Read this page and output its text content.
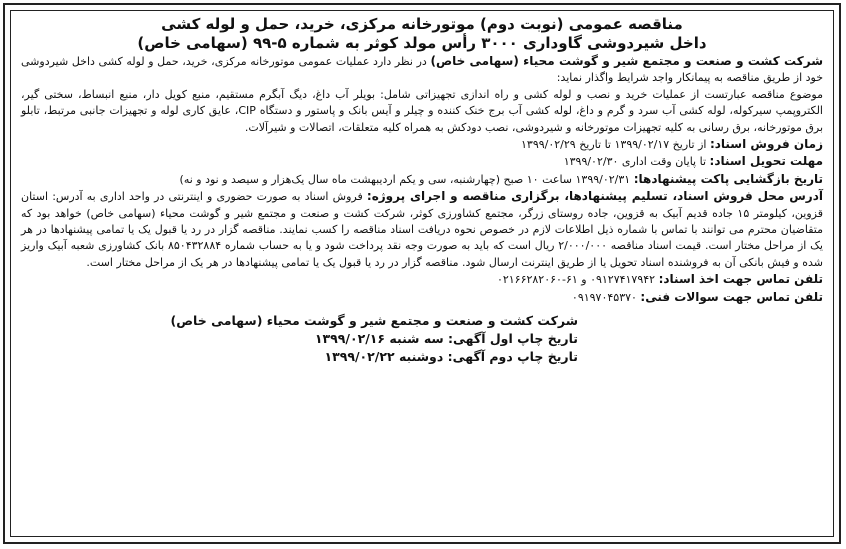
مناقصه عمومی (نوبت دوم) موتورخانه مرکزی، خرید، حمل و لوله کشی

داخل شیردوشی گاوداری ۳۰۰۰ رأس مولد کوثر به شماره ۵-۹۹ (سهامی خاص)

شرکت کشت و صنعت و مجتمع شیر و گوشت محیاء (سهامی خاص) در نظر دارد عملیات عمومی موتورخانه مرکزی، خرید، حمل و لوله کشی داخل شیردوشی خود از طریق مناقصه به پیمانکار واجد شرایط واگذار نماید:

موضوع مناقصه عبارتست از عملیات خرید و نصب و لوله کشی و راه اندازی تجهیزاتی شامل: بویلر آب داغ، دیگ آبگرم مستقیم، منبع کویل دار، منبع انبساط، سختی گیر، الکتروپمپ سیرکوله، لوله کشی آب سرد و گرم و داغ، لوله کشی آب برج خنک کننده و چیلر و آیس بانک و پاستور و دستگاه CIP، عایق کاری لوله و تجهیزات جانبی مرتبط، تابلو برق موتورخانه، برق رسانی به کلیه تجهیزات موتورخانه و شیردوشی، نصب دودکش به همراه کلیه متعلقات، اتصالات و شیرآلات.

زمان فروش اسناد: از تاریخ ۱۳۹۹/۰۲/۱۷ تا تاریخ ۱۳۹۹/۰۲/۲۹

مهلت تحویل اسناد: تا پایان وقت اداری ۱۳۹۹/۰۲/۳۰

تاریخ بازگشایی پاکت پیشنهادها: ۱۳۹۹/۰۲/۳۱ ساعت ۱۰ صبح (چهارشنبه، سی و یکم اردیبهشت ماه سال یک‌هزار و سیصد و نود و نه)

آدرس محل فروش اسناد، تسلیم پیشنهادها، برگزاری مناقصه و اجرای پروژه: فروش اسناد به صورت حضوری و اینترنتی در واحد اداری به آدرس: استان قزوین، کیلومتر ۱۵ جاده قدیم آبیک به قزوین، جاده روستای زرگر، مجتمع کشاورزی کوثر، شرکت کشت و صنعت و مجتمع شیر و گوشت محیاء (سهامی خاص) خواهد بود که متقاضیان محترم می توانند با تماس با شماره ذیل اطلاعات لازم در خصوص نحوه دریافت اسناد مناقصه را کسب نمایند. مناقصه گزار در رد یا قبول یک یا تمامی پیشنهادها در هر یک از مراحل مختار است. قیمت اسناد مناقصه ۲/۰۰۰/۰۰۰ ریال است که باید به صورت وجه نقد پرداخت شود و یا به حساب شماره ۸۵۰۴۳۲۸۸۴ بانک کشاورزی شعبه آبیک واریز شده و فیش بانکی آن به فروشنده اسناد تحویل یا از طریق اینترنت ارسال شود. مناقصه گزار در رد یا قبول یک یا تمامی پیشنهادها در هر یک از مراحل مختار است.

تلفن تماس جهت اخذ اسناد: ۰۹۱۲۷۴۱۷۹۴۲ و ۶۱-۰۲۱۶۶۲۸۲۰۶۰

تلفن تماس جهت سوالات فنی: ۰۹۱۹۷۰۴۵۳۷۰

شرکت کشت و صنعت و مجتمع شیر و گوشت محیاء (سهامی خاص)

تاریخ چاپ اول آگهی: سه شنبه ۱۳۹۹/۰۲/۱۶

تاریخ چاپ دوم آگهی: دوشنبه ۱۳۹۹/۰۲/۲۲
